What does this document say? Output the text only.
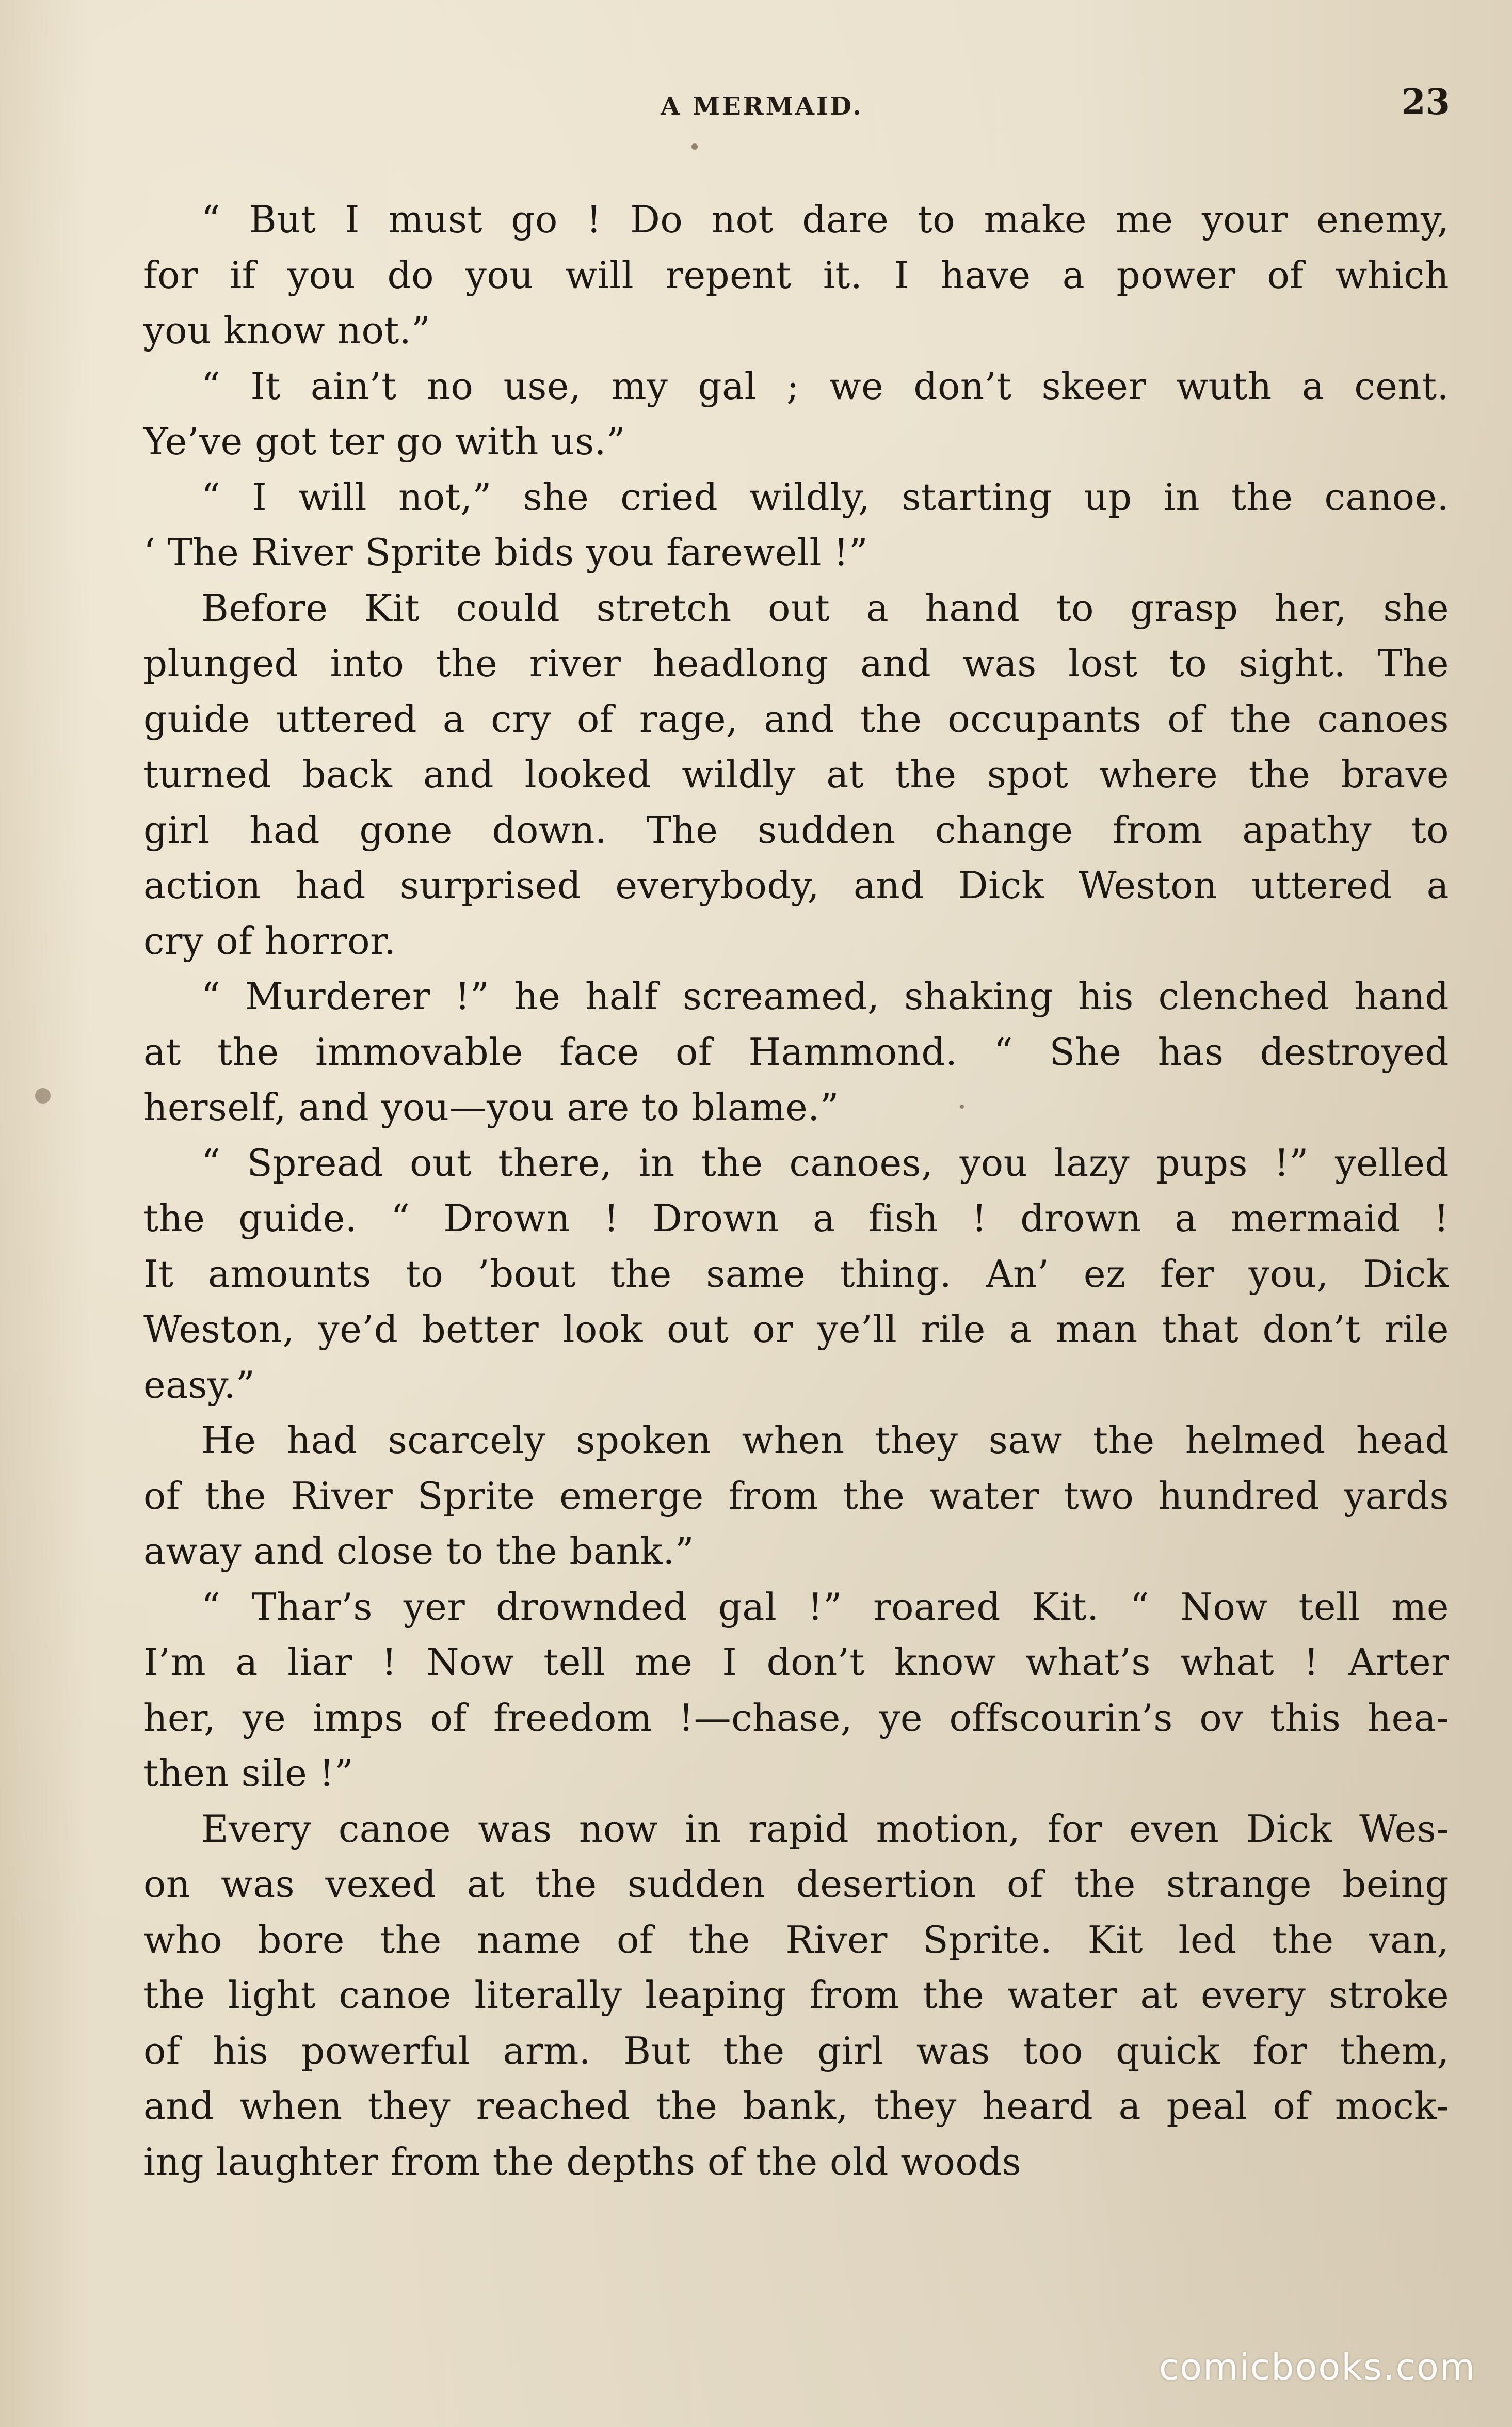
A MERMAID.	23
“ But I must go ! Do not dare to make me your enemy,
for if you do you will repent it. I have a power of which
you know not.”
“ It ain’t no use, my gal ; we don’t skeer wuth a cent.
Ye’ve got ter go with us.”
“ I will not,” she cried wildly, starting up in the canoe.
‘ The River Sprite bids you farewell !”
Before Kit could stretch out a hand to grasp her, she
plunged into the river headlong and was lost to sight. The
guide uttered a cry of rage, and the occupants of the canoes
turned back and looked wildly at the spot where the brave
girl had gone down. The sudden change from apathy to
action had surprised everybody, and Dick Weston uttered a
cry of horror.
“ Murderer !” he half screamed, shaking his clenched hand
at the immovable face of Hammond. “ She has destroyed
herself, and you—you are to blame.”
“ Spread out there, in the canoes, you lazy pups !” yelled
the guide. “ Drown ! Drown a fish ! drown a mermaid !
It amounts to ’bout the same thing. An’ ez fer you, Dick
Weston, ye’d better look out or ye’ll rile a man that don’t rile
easy.”
He had scarcely spoken when they saw the helmed head
of the River Sprite emerge from the water two hundred yards
away and close to the bank.”
“ Thar’s yer drownded gal !” roared Kit. “ Now tell me
I’m a liar ! Now tell me I don’t know what’s what ! Arter
her, ye imps of freedom !—chase, ye offscourin’s ov this hea-
then sile !”
Every canoe was now in rapid motion, for even Dick Wes-
on was vexed at the sudden desertion of the strange being
who bore the name of the River Sprite. Kit led the van,
the light canoe literally leaping from the water at every stroke
of his powerful arm. But the girl was too quick for them,
and when they reached the bank, they heard a peal of mock-
ing laughter from the depths of the old woods
comicbooks.com
